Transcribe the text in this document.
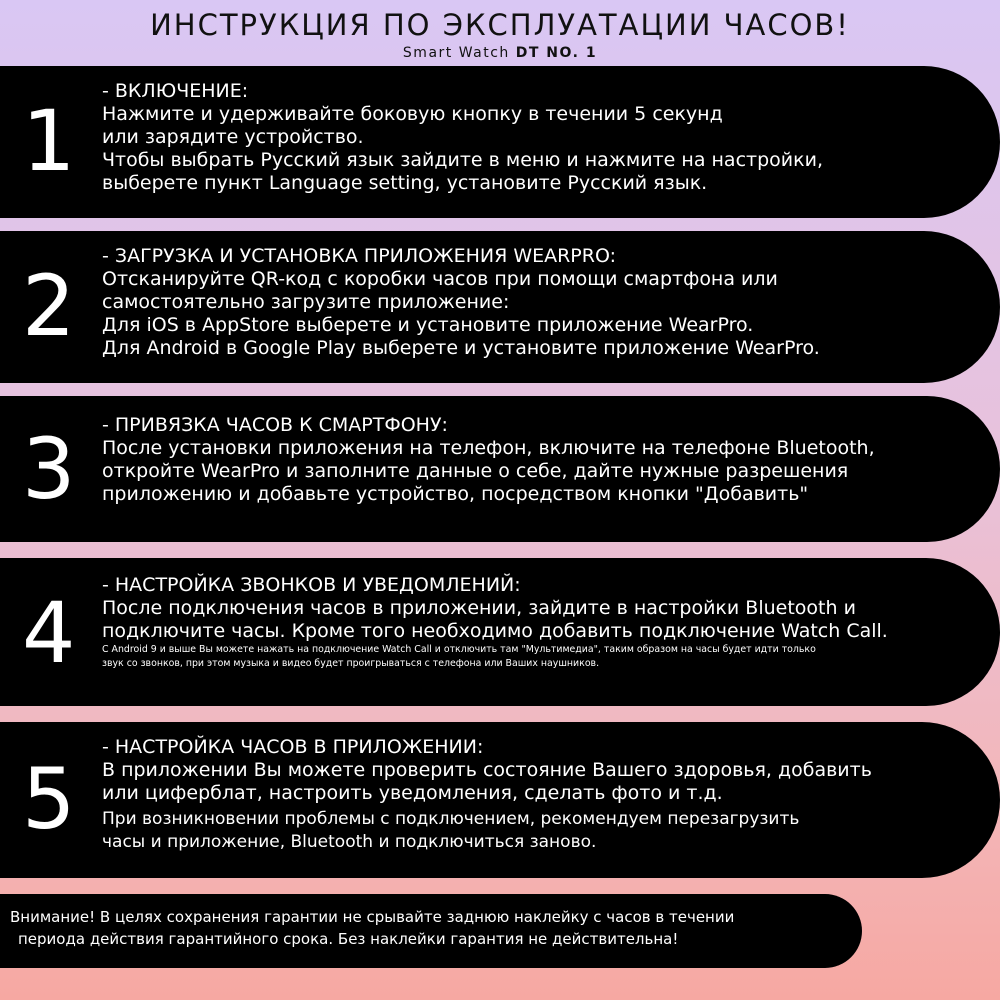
ИНСТРУКЦИЯ ПО ЭКСПЛУАТАЦИИ ЧАСОВ!
Smart Watch DT NO. 1
1
- ВКЛЮЧЕНИЕ:
Нажмите и удерживайте боковую кнопку в течении 5 секунд
или зарядите устройство.
Чтобы выбрать Русский язык зайдите в меню и нажмите на настройки,
выберете пункт Language setting, установите Русский язык.
2
- ЗАГРУЗКА И УСТАНОВКА ПРИЛОЖЕНИЯ WEARPRO:
Отсканируйте QR-код с коробки часов при помощи смартфона или
самостоятельно загрузите приложение:
Для iOS в AppStore выберете и установите приложение WearPro.
Для Android в Google Play выберете и установите приложение WearPro.
3 - ПРИВЯЗКА ЧАСОВ К СМАРТФОНУ:
После установки приложения на телефон, включите на телефоне Bluetooth,
откройте WearPro и заполните данные о себе, дайте нужные разрешения
приложению и добавьте устройство, посредством кнопки "Добавить"
4 - НАСТРОЙКА ЗВОНКОВ И УВЕДОМЛЕНИЙ:
После подключения часов в приложении, зайдите в настройки Bluetooth и
подключите часы. Кроме того необходимо добавить подключение Watch Call.
С Android 9 и выше Вы можете нажать на подключение Watch Call и отключить там "Мультимедиа", таким образом на часы будет идти только
звук со звонков, при этом музыка и видео будет проигрываться с телефона или Ваших наушников.
5
- НАСТРОЙКА ЧАСОВ В ПРИЛОЖЕНИИ:
В приложении Вы можете проверить состояние Вашего здоровья, добавить
или циферблат, настроить уведомления, сделать фото и т.д.
При возникновении проблемы с подключением, рекомендуем перезагрузить
часы и приложение, Bluetooth и подключиться заново.
Внимание! В целях сохранения гарантии не срывайте заднюю наклейку с часов в течении
периода действия гарантийного срока. Без наклейки гарантия не действительна!
